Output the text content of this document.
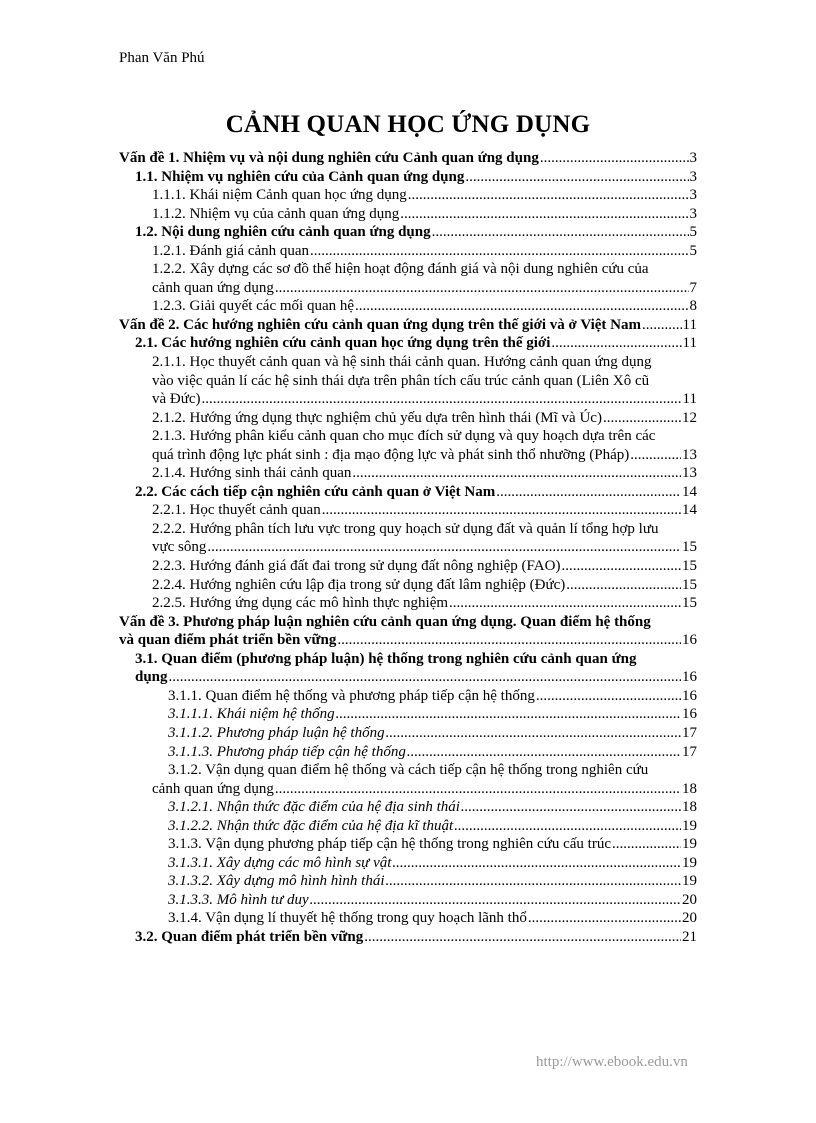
Phan Văn Phú
CẢNH QUAN HỌC ỨNG DỤNG
Vấn đề 1. Nhiệm vụ và nội dung nghiên cứu Cảnh quan ứng dụng .....	3
1.1. Nhiệm vụ nghiên cứu của Cảnh quan ứng dụng .....	3
1.1.1. Khái niệm Cảnh quan học ứng dụng .....	3
1.1.2. Nhiệm vụ của cảnh quan ứng dụng .....	3
1.2. Nội dung nghiên cứu cảnh quan ứng dụng .....	5
1.2.1. Đánh giá cảnh quan .....	5
1.2.2. Xây dựng các sơ đồ thể hiện hoạt động đánh giá và nội dung nghiên cứu của
cảnh quan ứng dụng .....	7
1.2.3. Giải quyết các mối quan hệ .....	8
Vấn đề 2. Các hướng nghiên cứu cảnh quan ứng dụng trên thế giới và ở Việt Nam .....	11
2.1. Các hướng nghiên cứu cảnh quan học ứng dụng trên thế giới .....	11
2.1.1. Học thuyết cảnh quan và hệ sinh thái cảnh quan. Hướng cảnh quan ứng dụng
vào việc quản lí các hệ sinh thái dựa trên phân tích cấu trúc cảnh quan (Liên Xô cũ
và Đức) .....	11
2.1.2. Hướng ứng dụng thực nghiệm chủ yếu dựa trên hình thái (Mĩ và Úc) .....	12
2.1.3. Hướng phân kiểu cảnh quan cho mục đích sử dụng và quy hoạch dựa trên các
quá trình động lực phát sinh : địa mạo động lực và phát sinh thổ nhưỡng (Pháp) .....	13
2.1.4. Hướng sinh thái cảnh quan .....	13
2.2. Các cách tiếp cận nghiên cứu cảnh quan ở Việt Nam .....	14
2.2.1. Học thuyết cảnh quan .....	14
2.2.2. Hướng phân tích lưu vực trong quy hoạch sử dụng đất và quản lí tổng hợp lưu
vực sông .....	15
2.2.3. Hướng đánh giá đất đai trong sử dụng đất nông nghiệp (FAO) .....	15
2.2.4. Hướng nghiên cứu lập địa trong sử dụng đất lâm nghiệp (Đức) .....	15
2.2.5. Hướng ứng dụng các mô hình thực nghiệm .....	15
Vấn đề 3. Phương pháp luận nghiên cứu cảnh quan ứng dụng. Quan điểm hệ thống
và quan điểm phát triển bền vững .....	16
3.1. Quan điểm (phương pháp luận) hệ thống trong nghiên cứu cảnh quan ứng
dụng .....	16
3.1.1. Quan điểm hệ thống và phương pháp tiếp cận hệ thống .....	16
3.1.1.1. Khái niệm hệ thống .....	16
3.1.1.2. Phương pháp luận hệ thống .....	17
3.1.1.3. Phương pháp tiếp cận hệ thống .....	17
3.1.2. Vận dụng quan điểm hệ thống và cách tiếp cận hệ thống trong nghiên cứu
cảnh quan ứng dụng .....	18
3.1.2.1. Nhận thức đặc điểm của hệ địa sinh thái .....	18
3.1.2.2. Nhận thức đặc điểm của hệ địa kĩ thuật .....	19
3.1.3. Vận dụng phương pháp tiếp cận hệ thống trong nghiên cứu cấu trúc .....	19
3.1.3.1. Xây dựng các mô hình sự vật .....	19
3.1.3.2. Xây dựng mô hình hình thái .....	19
3.1.3.3. Mô hình tư duy .....	20
3.1.4. Vận dụng lí thuyết hệ thống trong quy hoạch lãnh thổ .....	20
3.2. Quan điểm phát triển bền vững .....	21
http://www.ebook.edu.vn
